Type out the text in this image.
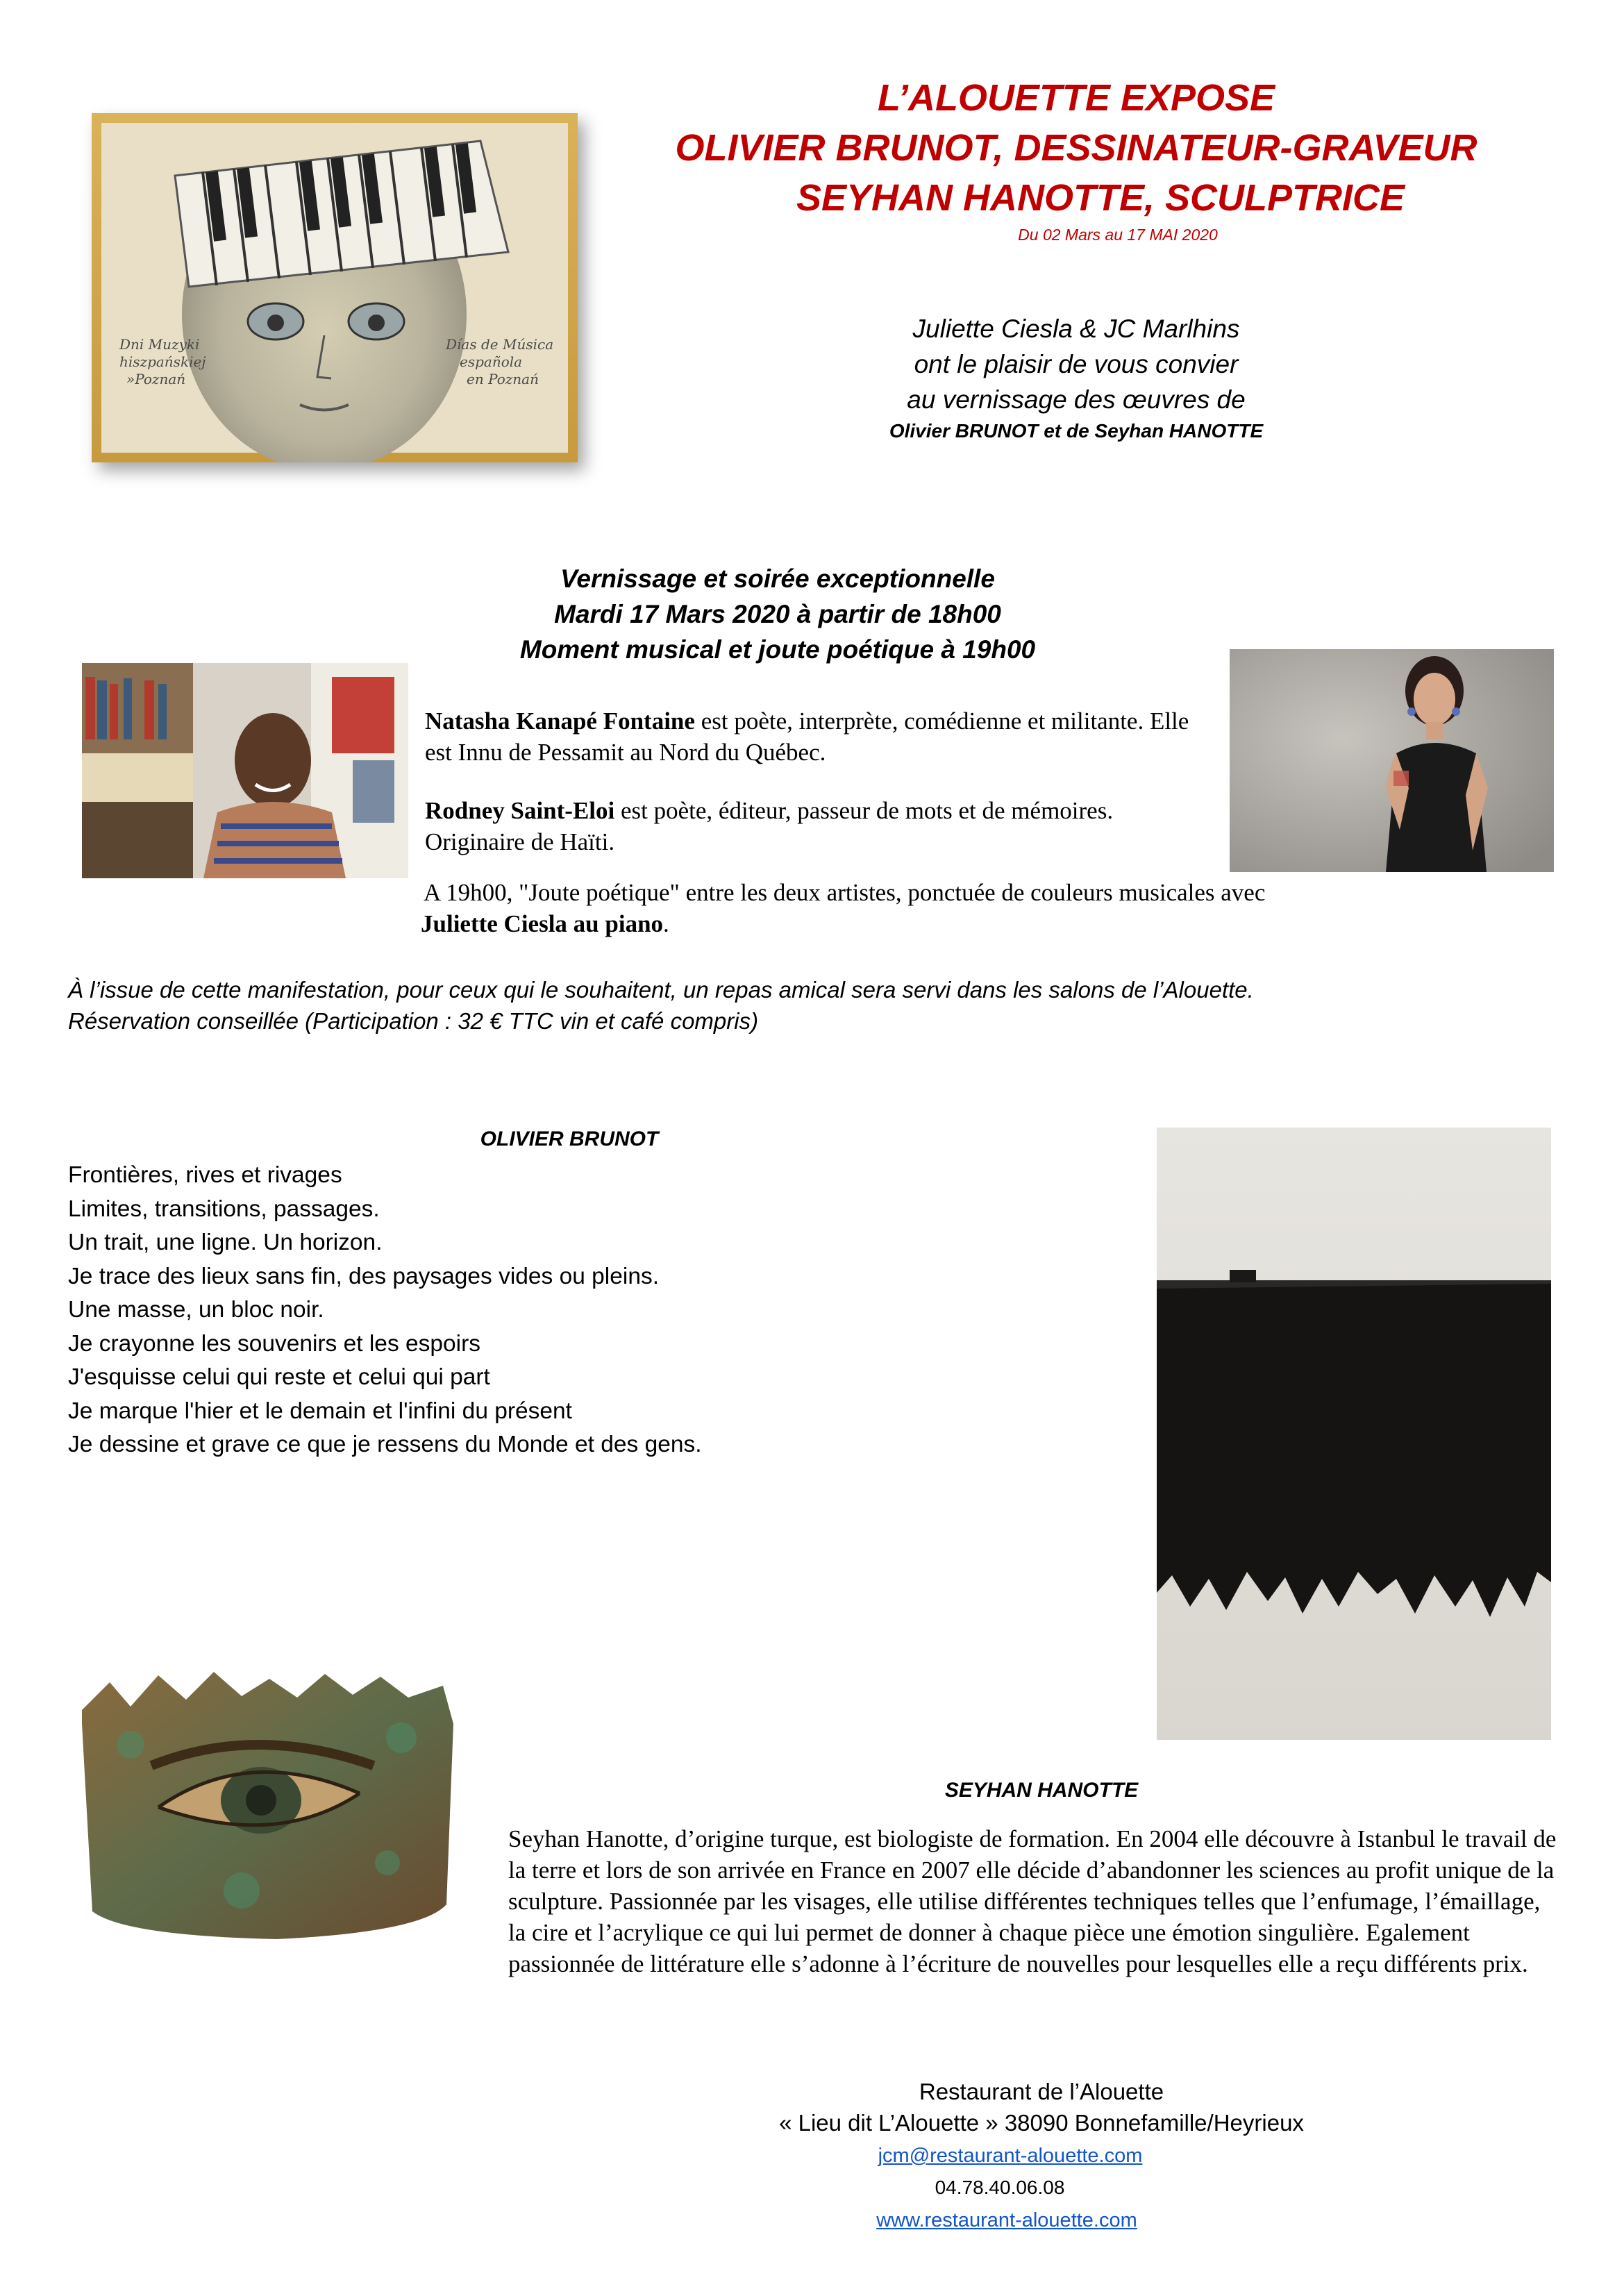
L’ALOUETTE EXPOSE
OLIVIER BRUNOT, DESSINATEUR-GRAVEUR
SEYHAN HANOTTE, SCULPTRICE
Du 02 Mars au 17 MAI 2020
Dni Muzyki
hiszpańskiej
»Poznań
Días de Música
española
en Poznań
Juliette Ciesla & JC Marlhins
ont le plaisir de vous convier
au vernissage des œuvres de
Olivier BRUNOT et de Seyhan HANOTTE
Vernissage et soirée exceptionnelle
Mardi 17 Mars 2020 à partir de 18h00
Moment musical et joute poétique à 19h00
Natasha Kanapé Fontaine est poète, interprète, comédienne et militante. Elle est Innu de Pessamit au Nord du Québec.
Rodney Saint-Eloi est poète, éditeur, passeur de mots et de mémoires. Originaire de Haïti.
A 19h00, "Joute poétique" entre les deux artistes, ponctuée de couleurs musicales avec
Juliette Ciesla au piano.
À l’issue de cette manifestation, pour ceux qui le souhaitent, un repas amical sera servi dans les salons de l’Alouette.
Réservation conseillée (Participation : 32 € TTC vin et café compris)
OLIVIER BRUNOT
Frontières, rives et rivages
Limites, transitions, passages.
Un trait, une ligne. Un horizon.
Je trace des lieux sans fin, des paysages vides ou pleins.
Une masse, un bloc noir.
Je crayonne les souvenirs et les espoirs
J'esquisse celui qui reste et celui qui part
Je marque l'hier et le demain et l'infini du présent
Je dessine et grave ce que je ressens du Monde et des gens.
SEYHAN HANOTTE
Seyhan Hanotte, d’origine turque, est biologiste de formation. En 2004 elle découvre à Istanbul le travail de la terre et lors de son arrivée en France en 2007 elle décide d’abandonner les sciences au profit unique de la sculpture. Passionnée par les visages, elle utilise différentes techniques telles que l’enfumage, l’émaillage, la cire et l’acrylique ce qui lui permet de donner à chaque pièce une émotion singulière. Egalement passionnée de littérature elle s’adonne à l’écriture de nouvelles pour lesquelles elle a reçu différents prix.
Restaurant de l’Alouette
« Lieu dit L’Alouette » 38090 Bonnefamille/Heyrieux
jcm@restaurant-alouette.com
04.78.40.06.08
www.restaurant-alouette.com
